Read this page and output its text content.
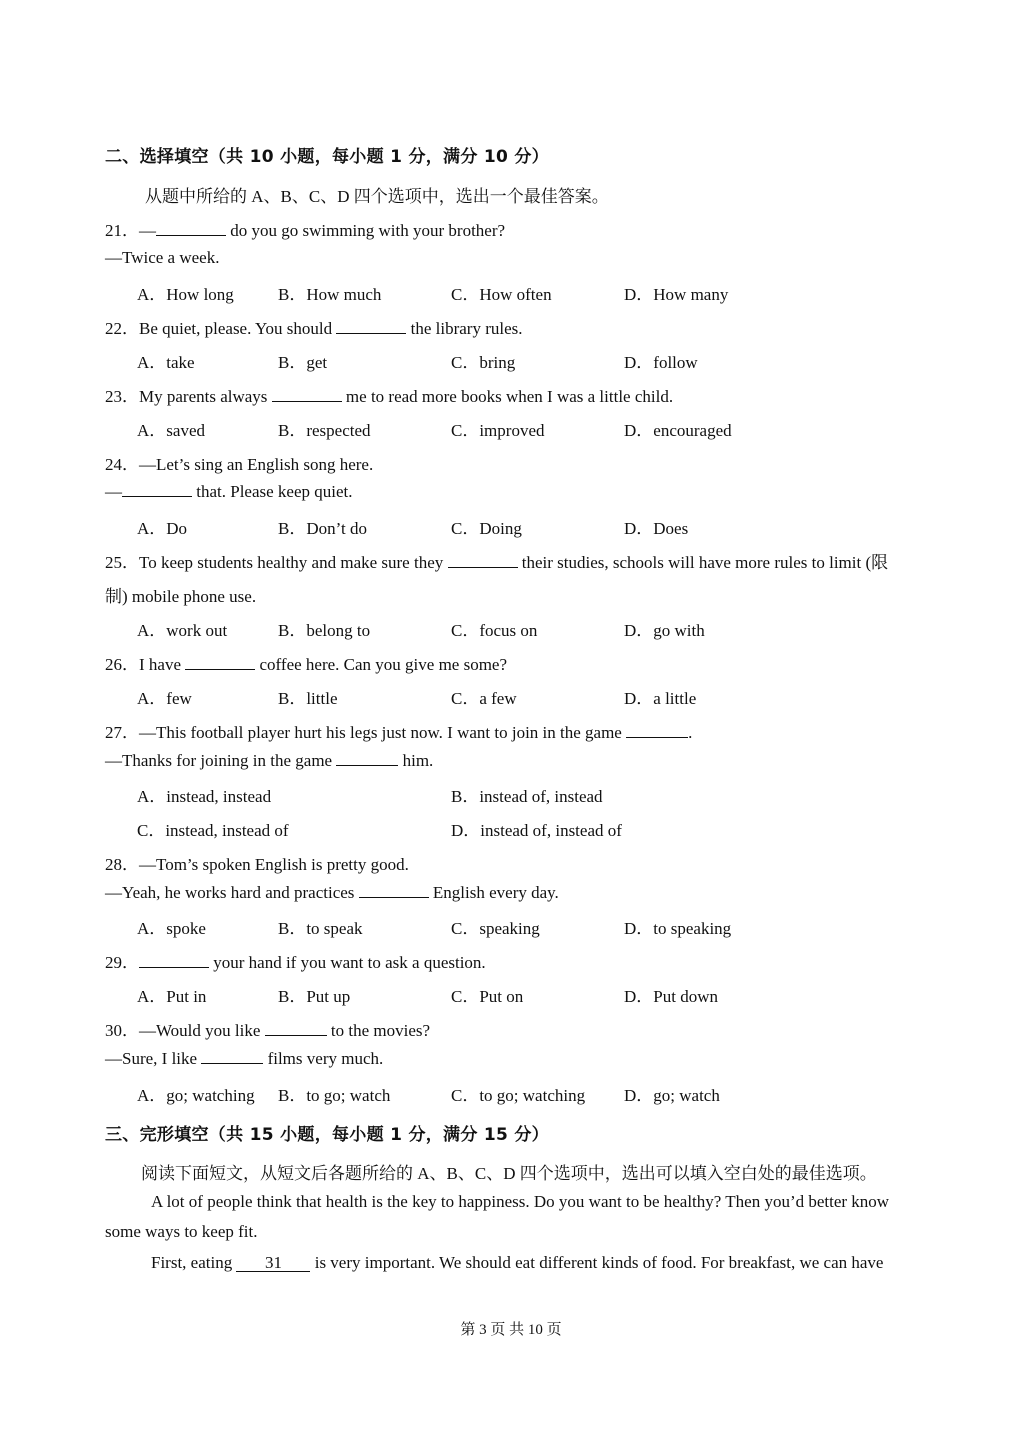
二、选择填空（共 10 小题，每小题 1 分，满分 10 分）
从题中所给的 A、B、C、D 四个选项中，选出一个最佳答案。
21．—	do you go swimming with your brother?
—Twice a week.
A．How long	B．How much	C．How often	D．How many
22．Be quiet, please. You should	the library rules.
A．take	B．get	C．bring	D．follow
23．My parents always	me to read more books when I was a little child.
A．saved	B．respected	C．improved	D．encouraged
24．—Let’s sing an English song here.
—	that. Please keep quiet.
A．Do	B．Don’t do	C．Doing	D．Does
25．To keep students healthy and make sure they	their studies, schools will have more rules to limit (限
制) mobile phone use.
A．work out	B．belong to	C．focus on	D．go with
26．I have	coffee here. Can you give me some?
A．few	B．little	C．a few	D．a little
27．—This football player hurt his legs just now. I want to join in the game	.
—Thanks for joining in the game	him.
A．instead, instead	B．instead of, instead
C．instead, instead of	D．instead of, instead of
28．—Tom’s spoken English is pretty good.
—Yeah, he works hard and practices	English every day.
A．spoke	B．to speak	C．speaking	D．to speaking
29．	your hand if you want to ask a question.
A．Put in	B．Put up	C．Put on	D．Put down
30．—Would you like	to the movies?
—Sure, I like	films very much.
A．go; watching B．to go; watch	C．to go; watching D．go; watch
三、完形填空（共 15 小题，每小题 1 分，满分 15 分）
阅读下面短文，从短文后各题所给的 A、B、C、D 四个选项中，选出可以填入空白处的最佳选项。
A lot of people think that health is the key to happiness. Do you want to be healthy? Then you’d better know
some ways to keep fit.
First, eating 31 is very important. We should eat different kinds of food. For breakfast, we can have
第 3 页 共 10 页
